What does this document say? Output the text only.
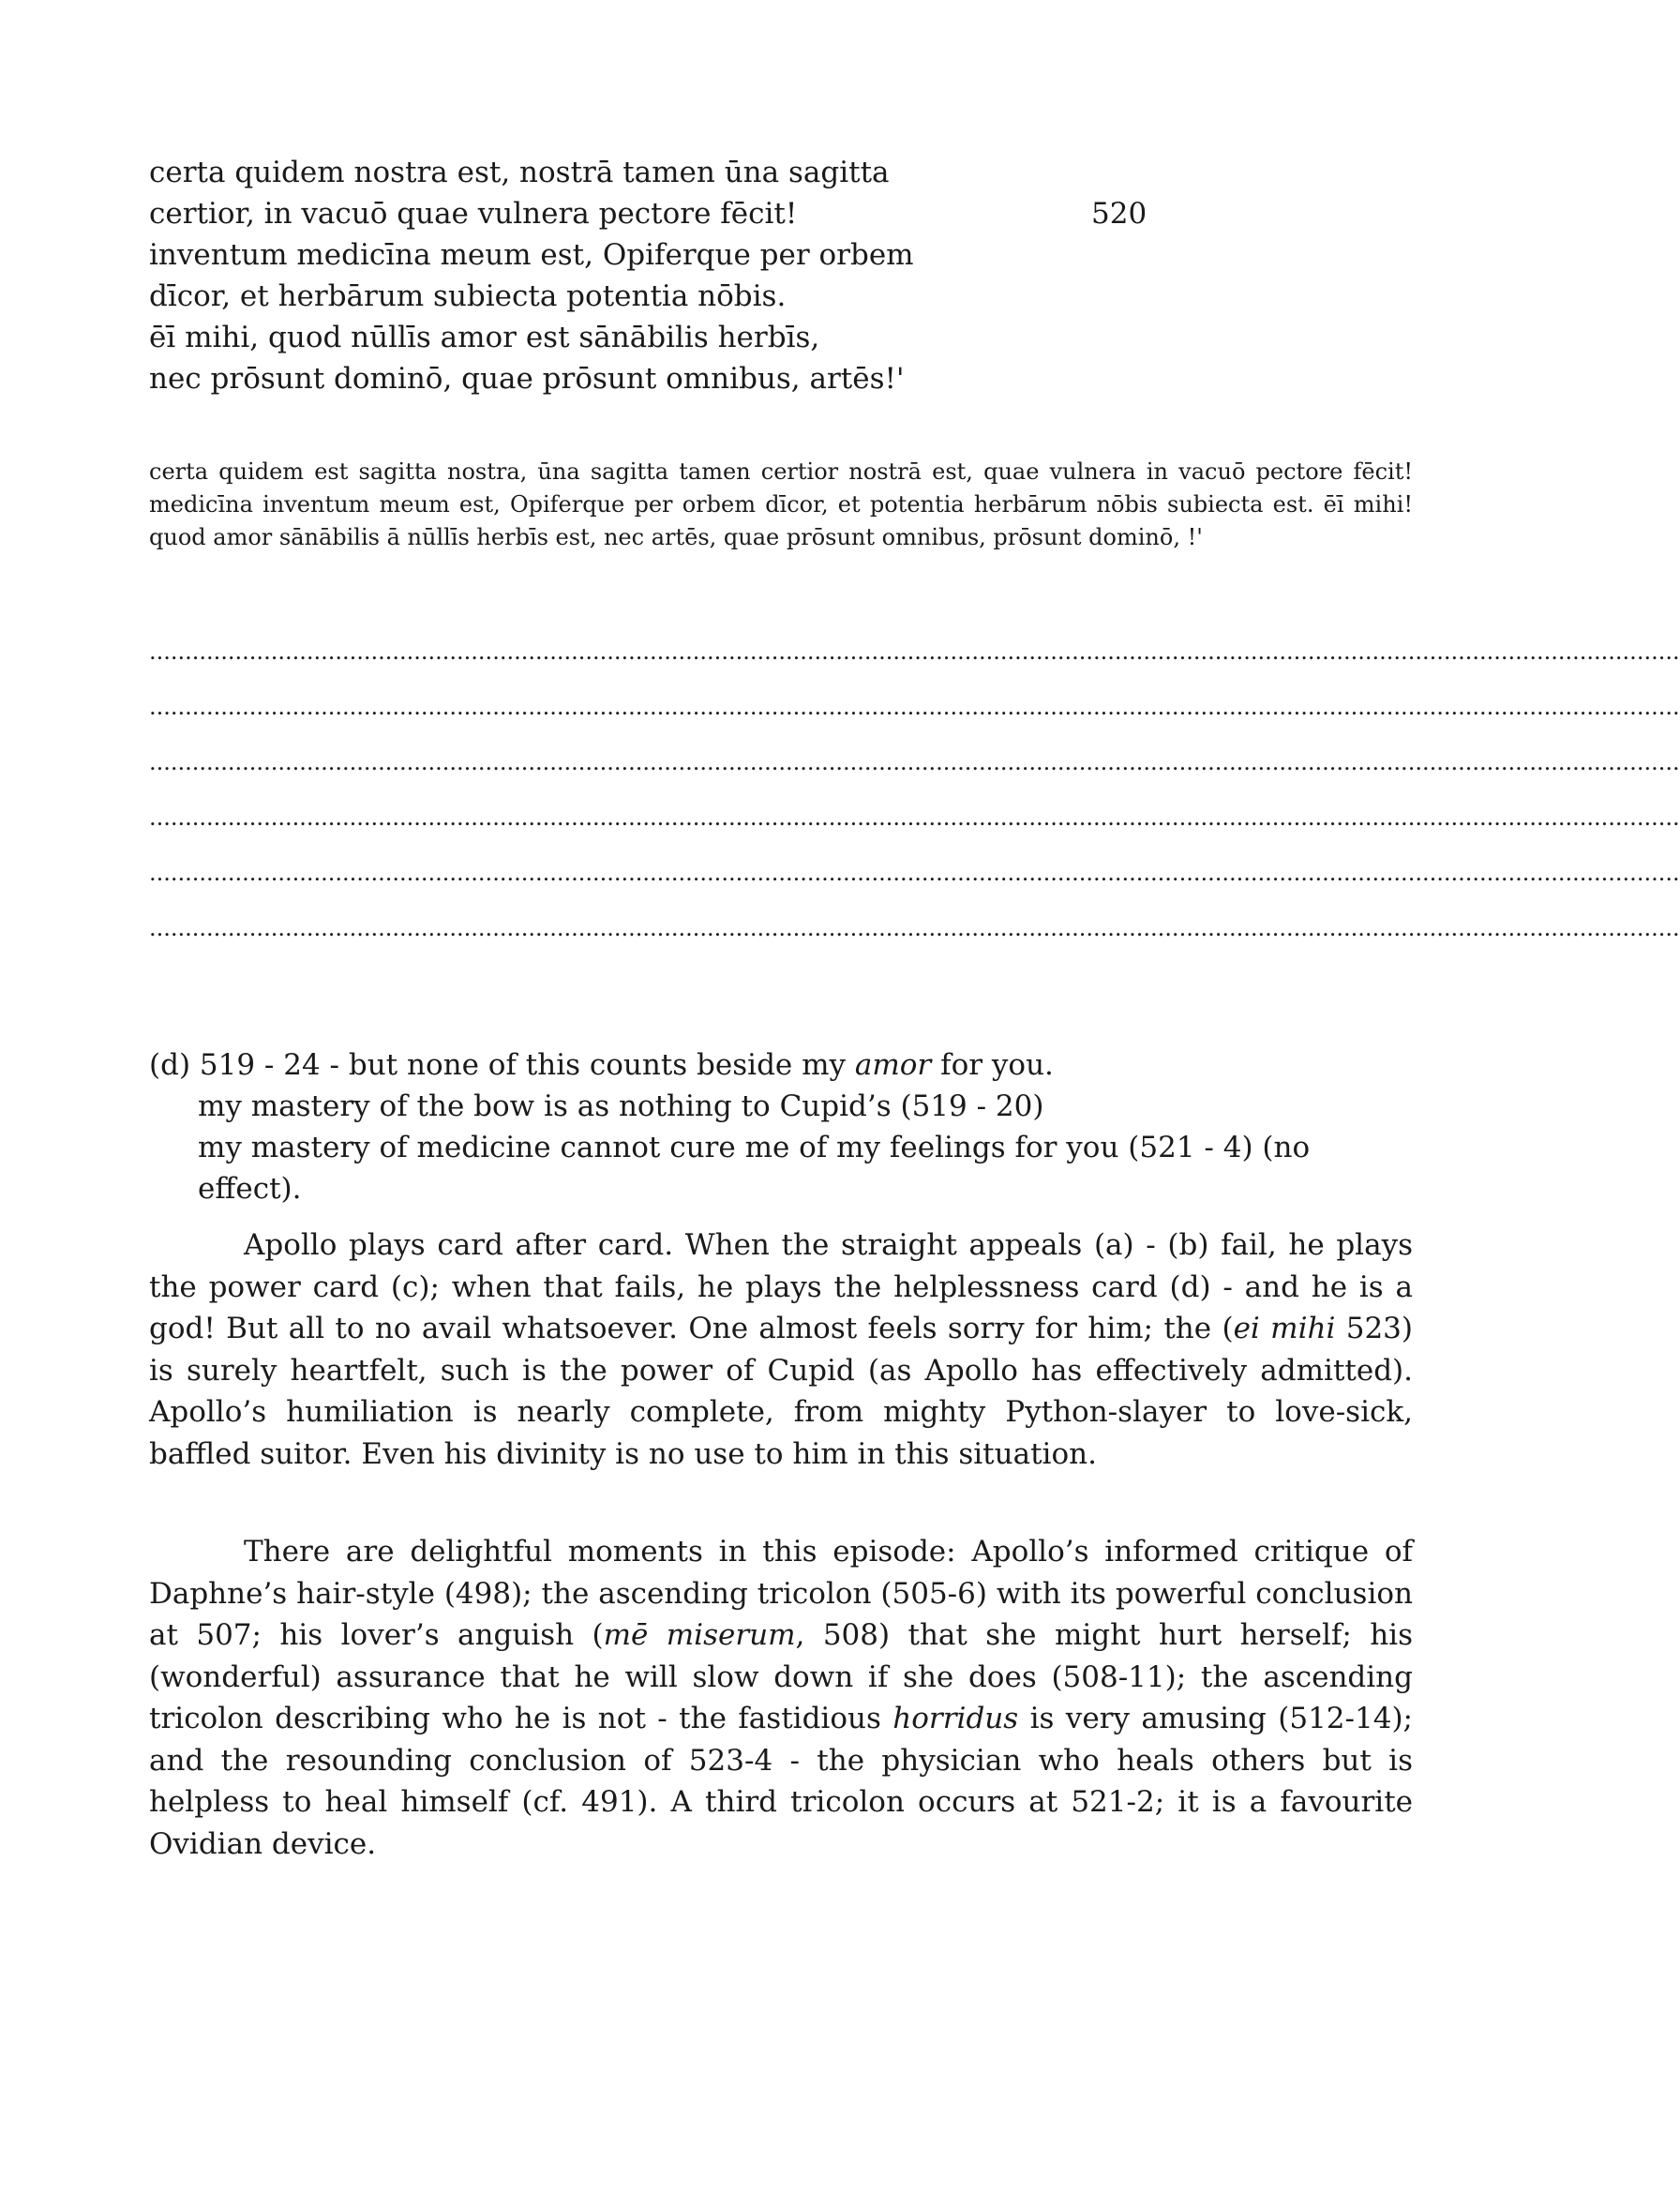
certa quidem nostra est, nostrā tamen ūna sagitta
certior, in vacuō quae vulnera pectore fēcit!	520
inventum medicīna meum est, Opiferque per orbem
dīcor, et herbārum subiecta potentia nōbis.
ēī mihi, quod nūllīs amor est sānābilis herbīs,
nec prōsunt dominō, quae prōsunt omnibus, artēs!'
certa quidem est sagitta nostra, ūna sagitta tamen certior nostrā est, quae vulnera in vacuō pectore fēcit! medicīna inventum meum est, Opiferque per orbem dīcor, et potentia herbārum nōbis subiecta est. ēī mihi! quod amor sānābilis ā nūllīs herbīs est, nec artēs, quae prōsunt omnibus, prōsunt dominō, !'
......................................................................................................................................................................................................................
......................................................................................................................................................................................................................
......................................................................................................................................................................................................................
......................................................................................................................................................................................................................
......................................................................................................................................................................................................................
......................................................................................................................................................................................................................
(d) 519 - 24 - but none of this counts beside my amor for you.
my mastery of the bow is as nothing to Cupid’s (519 - 20)
my mastery of medicine cannot cure me of my feelings for you (521 - 4) (no effect).
Apollo plays card after card. When the straight appeals (a) - (b) fail, he plays the power card (c); when that fails, he plays the helplessness card (d) - and he is a god! But all to no avail whatsoever. One almost feels sorry for him; the (ei mihi 523) is surely heartfelt, such is the power of Cupid (as Apollo has effectively admitted). Apollo’s humiliation is nearly complete, from mighty Python-slayer to love-sick, baffled suitor. Even his divinity is no use to him in this situation.
There are delightful moments in this episode: Apollo’s informed critique of Daphne’s hair-style (498); the ascending tricolon (505-6) with its powerful conclusion at 507; his lover’s anguish (mē miserum, 508) that she might hurt herself; his (wonderful) assurance that he will slow down if she does (508-11); the ascending tricolon describing who he is not - the fastidious horridus is very amusing (512-14); and the resounding conclusion of 523-4 - the physician who heals others but is helpless to heal himself (cf. 491). A third tricolon occurs at 521-2; it is a favourite Ovidian device.
